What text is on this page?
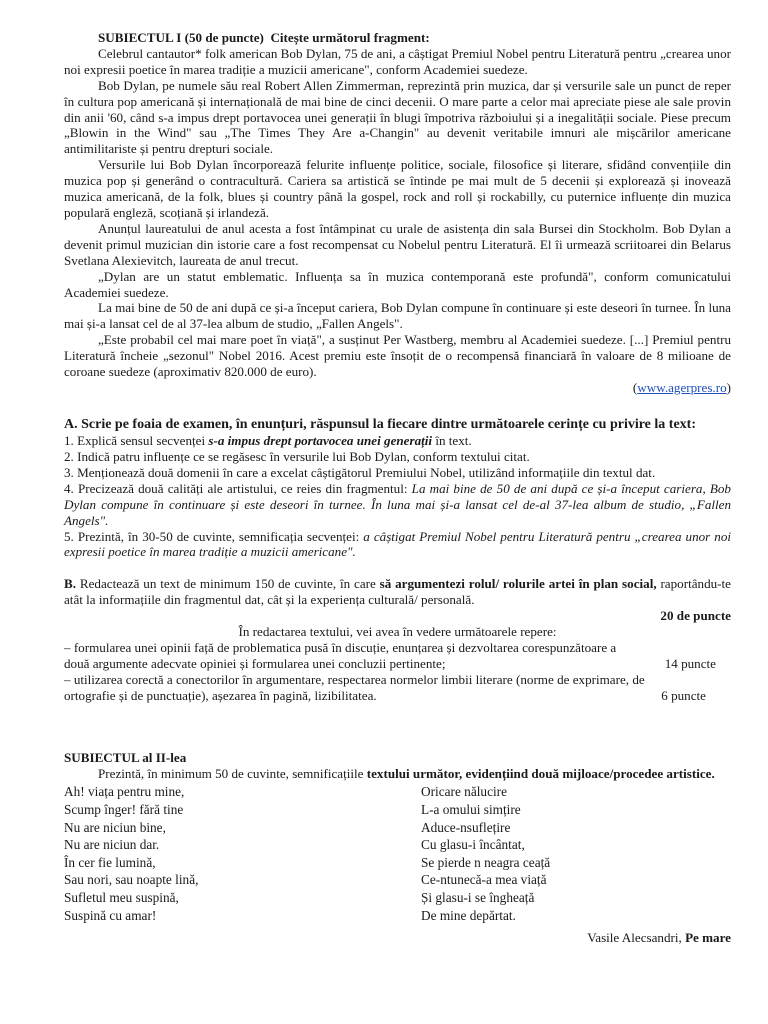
SUBIECTUL I (50 de puncte) Citește următorul fragment:

Celebrul cantautor* folk american Bob Dylan, 75 de ani, a câștigat Premiul Nobel pentru Literatură pentru „crearea unor noi expresii poetice în marea tradiție a muzicii americane", conform Academiei suedeze.

Bob Dylan, pe numele său real Robert Allen Zimmerman, reprezintă prin muzica, dar și versurile sale un punct de reper în cultura pop americană și internațională de mai bine de cinci decenii. O mare parte a celor mai apreciate piese ale sale provin din anii '60, când s-a impus drept portavocea unei generații în blugi împotriva războiului și a inegalității sociale. Piese precum „Blowin in the Wind" sau „The Times They Are a-Changin" au devenit veritabile imnuri ale mișcărilor americane antimilitariste și pentru drepturi sociale.

Versurile lui Bob Dylan încorporează felurite influențe politice, sociale, filosofice și literare, sfidând convențiile din muzica pop și generând o contracultură. Cariera sa artistică se întinde pe mai mult de 5 decenii și explorează și inovează muzica americană, de la folk, blues și country până la gospel, rock and roll și rockabilly, cu puternice influențe din muzica populară engleză, scoțiană și irlandeză.

Anunțul laureatului de anul acesta a fost întâmpinat cu urale de asistența din sala Bursei din Stockholm. Bob Dylan a devenit primul muzician din istorie care a fost recompensat cu Nobelul pentru Literatură. El îi urmează scriitoarei din Belarus Svetlana Alexievitch, laureata de anul trecut.

„Dylan are un statut emblematic. Influența sa în muzica contemporană este profundă", conform comunicatului Academiei suedeze.

La mai bine de 50 de ani după ce și-a început cariera, Bob Dylan compune în continuare și este deseori în turnee. În luna mai și-a lansat cel de al 37-lea album de studio, „Fallen Angels".

„Este probabil cel mai mare poet în viață", a susținut Per Wastberg, membru al Academiei suedeze. [...] Premiul pentru Literatură încheie „sezonul" Nobel 2016. Acest premiu este însoțit de o recompensă financiară în valoare de 8 milioane de coroane suedeze (aproximativ 820.000 de euro).

(www.agerpres.ro)

A. Scrie pe foaia de examen, în enunțuri, răspunsul la fiecare dintre următoarele cerințe cu privire la text:

1. Explică sensul secvenței s-a impus drept portavocea unei generații în text.

2. Indică patru influențe ce se regăsesc în versurile lui Bob Dylan, conform textului citat.

3. Menționează două domenii în care a excelat câștigătorul Premiului Nobel, utilizând informațiile din textul dat.

4. Precizează două calități ale artistului, ce reies din fragmentul: La mai bine de 50 de ani după ce și-a început cariera, Bob Dylan compune în continuare și este deseori în turnee. În luna mai și-a lansat cel de-al 37-lea album de studio, „Fallen Angels".

5. Prezintă, în 30-50 de cuvinte, semnificația secvenței: a câștigat Premiul Nobel pentru Literatură pentru „crearea unor noi expresii poetice în marea tradiție a muzicii americane".

B. Redactează un text de minimum 150 de cuvinte, în care să argumentezi rolul/ rolurile artei în plan social, raportându-te atât la informațiile din fragmentul dat, cât și la experiența culturală/ personală.

20 de puncte

În redactarea textului, vei avea în vedere următoarele repere:

– formularea unei opinii față de problematica pusă în discuție, enunțarea și dezvoltarea corespunzătoare a

două argumente adecvate opiniei și formularea unei concluzii pertinente;	14 puncte

– utilizarea corectă a conectorilor în argumentare, respectarea normelor limbii literare (norme de exprimare, de

ortografie și de punctuație), așezarea în pagină, lizibilitatea.	6 puncte

SUBIECTUL al II-lea

Prezintă, în minimum 50 de cuvinte, semnificațiile textului următor, evidențiind două mijloace/procedee artistice.

Ah! viața pentru mine,

Scump înger! fără tine

Nu are niciun bine,

Nu are niciun dar.

În cer fie lumină,

Sau nori, sau noapte lină,

Sufletul meu suspină,

Suspină cu amar!

Oricare nălucire

L-a omului simțire

Aduce-nsuflețire

Cu glasu-i încântat,

Se pierde n neagra ceață

Ce-ntunecă-a mea viață

Și glasu-i se îngheață

De mine depărtat.

Vasile Alecsandri, Pe mare
